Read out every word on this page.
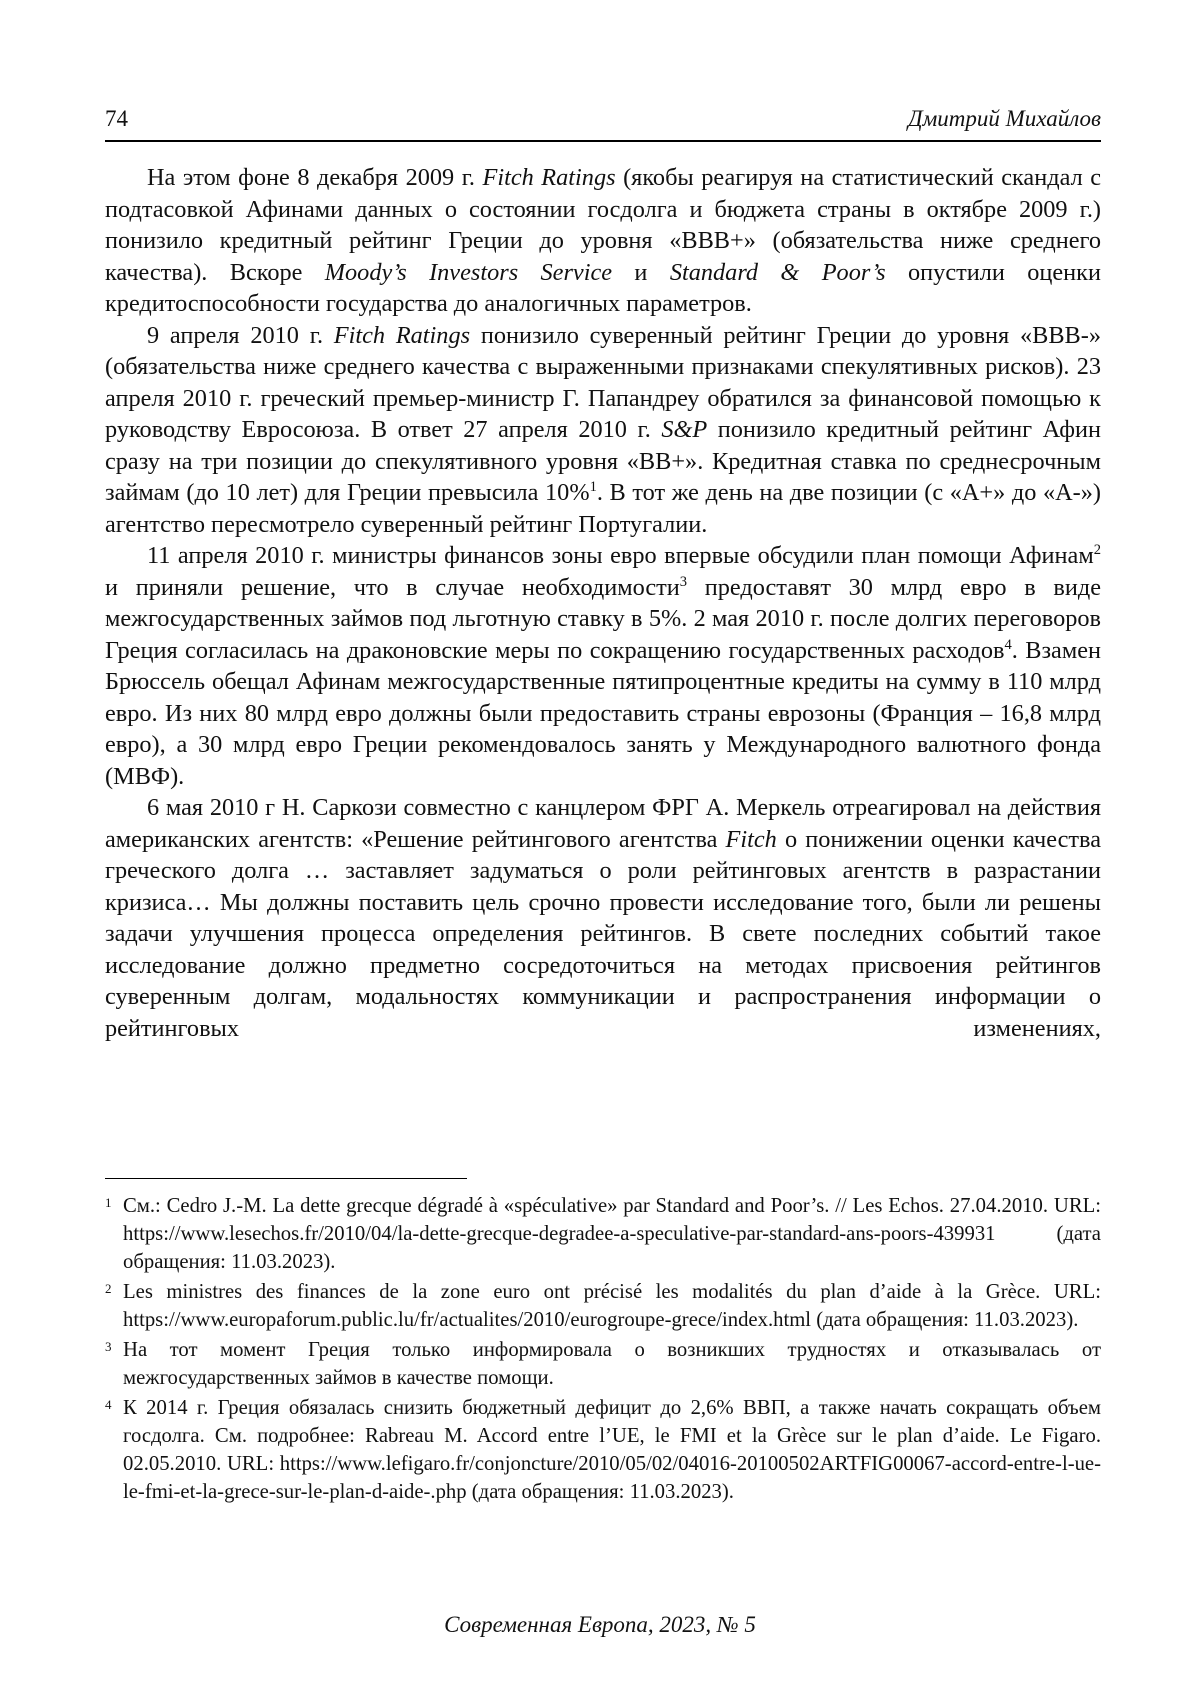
74	Дмитрий Михайлов

На этом фоне 8 декабря 2009 г. Fitch Ratings (якобы реагируя на статистический скандал с подтасовкой Афинами данных о состоянии госдолга и бюджета страны в октябре 2009 г.) понизило кредитный рейтинг Греции до уровня «BBB+» (обязательства ниже среднего качества). Вскоре Moody’s Investors Service и Standard & Poor’s опустили оценки кредитоспособности государства до аналогичных параметров.

9 апреля 2010 г. Fitch Ratings понизило суверенный рейтинг Греции до уровня «BBB-» (обязательства ниже среднего качества с выраженными признаками спекулятивных рисков). 23 апреля 2010 г. греческий премьер-министр Г. Папандреу обратился за финансовой помощью к руководству Евросоюза. В ответ 27 апреля 2010 г. S&P понизило кредитный рейтинг Афин сразу на три позиции до спекулятивного уровня «BB+». Кредитная ставка по среднесрочным займам (до 10 лет) для Греции превысила 10%$^1$. В тот же день на две позиции (с «A+» до «A-») агентство пересмотрело суверенный рейтинг Португалии.

11 апреля 2010 г. министры финансов зоны евро впервые обсудили план помощи Афинам$^2$ и приняли решение, что в случае необходимости$^3$ предоставят 30 млрд евро в виде межгосударственных займов под льготную ставку в 5%. 2 мая 2010 г. после долгих переговоров Греция согласилась на драконовские меры по сокращению государственных расходов$^4$. Взамен Брюссель обещал Афинам межгосударственные пятипроцентные кредиты на сумму в 110 млрд евро. Из них 80 млрд евро должны были предоставить страны еврозоны (Франция – 16,8 млрд евро), а 30 млрд евро Греции рекомендовалось занять у Международного валютного фонда (МВФ).

6 мая 2010 г Н. Саркози совместно с канцлером ФРГ А. Меркель отреагировал на действия американских агентств: «Решение рейтингового агентства Fitch о понижении оценки качества греческого долга … заставляет задуматься о роли рейтинговых агентств в разрастании кризиса… Мы должны поставить цель срочно провести исследование того, были ли решены задачи улучшения процесса определения рейтингов. В свете последних событий такое исследование должно предметно сосредоточиться на методах присвоения рейтингов суверенным долгам, модальностях коммуникации и распространения информации о рейтинговых изменениях,

1 См.: Cedro J.-M. La dette grecque dégradé à «spéculative» par Standard and Poor’s. // Les Echos. 27.04.2010. URL: https://www.lesechos.fr/2010/04/la-dette-grecque-degradee-a-speculative-par-standard-ans-poors-439931 (дата обращения: 11.03.2023).
2 Les ministres des finances de la zone euro ont précisé les modalités du plan d’aide à la Grèce. URL: https://www.europaforum.public.lu/fr/actualites/2010/eurogroupe-grece/index.html (дата обращения: 11.03.2023).
3 На тот момент Греция только информировала о возникших трудностях и отказывалась от межгосударственных займов в качестве помощи.
4 К 2014 г. Греция обязалась снизить бюджетный дефицит до 2,6% ВВП, а также начать сокращать объем госдолга. См. подробнее: Rabreau M. Accord entre l’UE, le FMI et la Grèce sur le plan d’aide. Le Figaro. 02.05.2010. URL: https://www.lefigaro.fr/conjoncture/2010/05/02/04016-20100502ARTFIG00067-accord-entre-l-ue-le-fmi-et-la-grece-sur-le-plan-d-aide-.php (дата обращения: 11.03.2023).
Современная Европа, 2023, № 5
